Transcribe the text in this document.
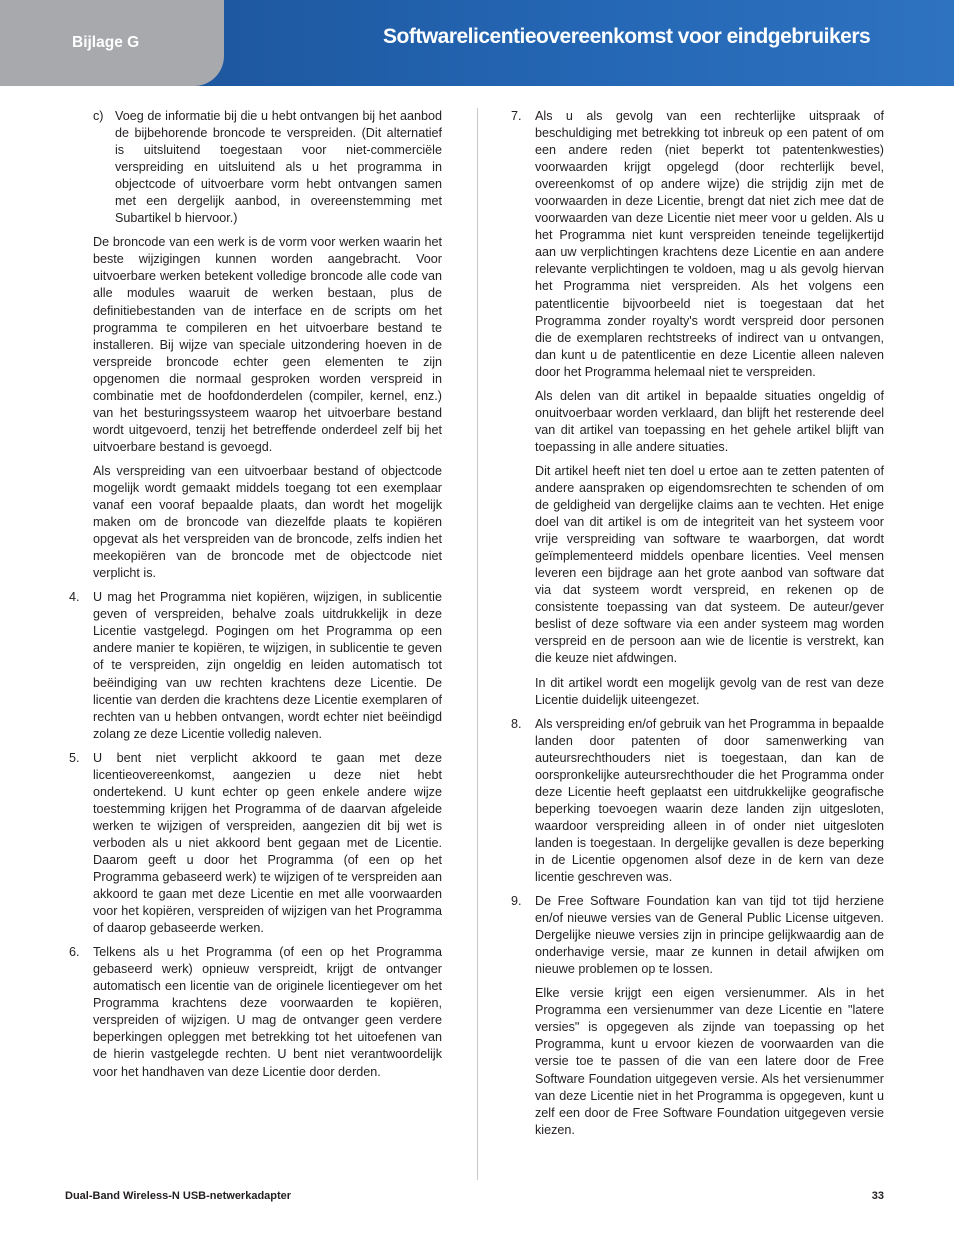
Bijlage G	Softwarelicentieovereenkomst voor eindgebruikers
c) Voeg de informatie bij die u hebt ontvangen bij het aanbod de bijbehorende broncode te verspreiden. (Dit alternatief is uitsluitend toegestaan voor niet-commerciële verspreiding en uitsluitend als u het programma in objectcode of uitvoerbare vorm hebt ontvangen samen met een dergelijk aanbod, in overeenstemming met Subartikel b hiervoor.)

De broncode van een werk is de vorm voor werken waarin het beste wijzigingen kunnen worden aangebracht. Voor uitvoerbare werken betekent volledige broncode alle code van alle modules waaruit de werken bestaan, plus de definitiebestanden van de interface en de scripts om het programma te compileren en het uitvoerbare bestand te installeren. Bij wijze van speciale uitzondering hoeven in de verspreide broncode echter geen elementen te zijn opgenomen die normaal gesproken worden verspreid in combinatie met de hoofdonderdelen (compiler, kernel, enz.) van het besturingssysteem waarop het uitvoerbare bestand wordt uitgevoerd, tenzij het betreffende onderdeel zelf bij het uitvoerbare bestand is gevoegd.

Als verspreiding van een uitvoerbaar bestand of objectcode mogelijk wordt gemaakt middels toegang tot een exemplaar vanaf een vooraf bepaalde plaats, dan wordt het mogelijk maken om de broncode van diezelfde plaats te kopiëren opgevat als het verspreiden van de broncode, zelfs indien het meekopiëren van de broncode met de objectcode niet verplicht is.

4. U mag het Programma niet kopiëren, wijzigen, in sublicentie geven of verspreiden, behalve zoals uitdrukkelijk in deze Licentie vastgelegd. Pogingen om het Programma op een andere manier te kopiëren, te wijzigen, in sublicentie te geven of te verspreiden, zijn ongeldig en leiden automatisch tot beëindiging van uw rechten krachtens deze Licentie. De licentie van derden die krachtens deze Licentie exemplaren of rechten van u hebben ontvangen, wordt echter niet beëindigd zolang ze deze Licentie volledig naleven.

5. U bent niet verplicht akkoord te gaan met deze licentieovereenkomst, aangezien u deze niet hebt ondertekend. U kunt echter op geen enkele andere wijze toestemming krijgen het Programma of de daarvan afgeleide werken te wijzigen of verspreiden, aangezien dit bij wet is verboden als u niet akkoord bent gegaan met de Licentie. Daarom geeft u door het Programma (of een op het Programma gebaseerd werk) te wijzigen of te verspreiden aan akkoord te gaan met deze Licentie en met alle voorwaarden voor het kopiëren, verspreiden of wijzigen van het Programma of daarop gebaseerde werken.

6. Telkens als u het Programma (of een op het Programma gebaseerd werk) opnieuw verspreidt, krijgt de ontvanger automatisch een licentie van de originele licentiegever om het Programma krachtens deze voorwaarden te kopiëren, verspreiden of wijzigen. U mag de ontvanger geen verdere beperkingen opleggen met betrekking tot het uitoefenen van de hierin vastgelegde rechten. U bent niet verantwoordelijk voor het handhaven van deze Licentie door derden.

7. Als u als gevolg van een rechterlijke uitspraak of beschuldiging met betrekking tot inbreuk op een patent of om een andere reden (niet beperkt tot patentenkwesties) voorwaarden krijgt opgelegd (door rechterlijk bevel, overeenkomst of op andere wijze) die strijdig zijn met de voorwaarden in deze Licentie, brengt dat niet zich mee dat de voorwaarden van deze Licentie niet meer voor u gelden. Als u het Programma niet kunt verspreiden teneinde tegelijkertijd aan uw verplichtingen krachtens deze Licentie en aan andere relevante verplichtingen te voldoen, mag u als gevolg hiervan het Programma niet verspreiden. Als het volgens een patentlicentie bijvoorbeeld niet is toegestaan dat het Programma zonder royalty's wordt verspreid door personen die de exemplaren rechtstreeks of indirect van u ontvangen, dan kunt u de patentlicentie en deze Licentie alleen naleven door het Programma helemaal niet te verspreiden.

Als delen van dit artikel in bepaalde situaties ongeldig of onuitvoerbaar worden verklaard, dan blijft het resterende deel van dit artikel van toepassing en het gehele artikel blijft van toepassing in alle andere situaties.

Dit artikel heeft niet ten doel u ertoe aan te zetten patenten of andere aanspraken op eigendomsrechten te schenden of om de geldigheid van dergelijke claims aan te vechten. Het enige doel van dit artikel is om de integriteit van het systeem voor vrije verspreiding van software te waarborgen, dat wordt geïmplementeerd middels openbare licenties. Veel mensen leveren een bijdrage aan het grote aanbod van software dat via dat systeem wordt verspreid, en rekenen op de consistente toepassing van dat systeem. De auteur/gever beslist of deze software via een ander systeem mag worden verspreid en de persoon aan wie de licentie is verstrekt, kan die keuze niet afdwingen.

In dit artikel wordt een mogelijk gevolg van de rest van deze Licentie duidelijk uiteengezet.

8. Als verspreiding en/of gebruik van het Programma in bepaalde landen door patenten of door samenwerking van auteursrechthouders niet is toegestaan, dan kan de oorspronkelijke auteursrechthouder die het Programma onder deze Licentie heeft geplaatst een uitdrukkelijke geografische beperking toevoegen waarin deze landen zijn uitgesloten, waardoor verspreiding alleen in of onder niet uitgesloten landen is toegestaan. In dergelijke gevallen is deze beperking in de Licentie opgenomen alsof deze in de kern van deze licentie geschreven was.

9. De Free Software Foundation kan van tijd tot tijd herziene en/of nieuwe versies van de General Public License uitgeven. Dergelijke nieuwe versies zijn in principe gelijkwaardig aan de onderhavige versie, maar ze kunnen in detail afwijken om nieuwe problemen op te lossen.

Elke versie krijgt een eigen versienummer. Als in het Programma een versienummer van deze Licentie en "latere versies" is opgegeven als zijnde van toepassing op het Programma, kunt u ervoor kiezen de voorwaarden van die versie toe te passen of die van een latere door de Free Software Foundation uitgegeven versie. Als het versienummer van deze Licentie niet in het Programma is opgegeven, kunt u zelf een door de Free Software Foundation uitgegeven versie kiezen.

Dual-Band Wireless-N USB-netwerkadapter	33
